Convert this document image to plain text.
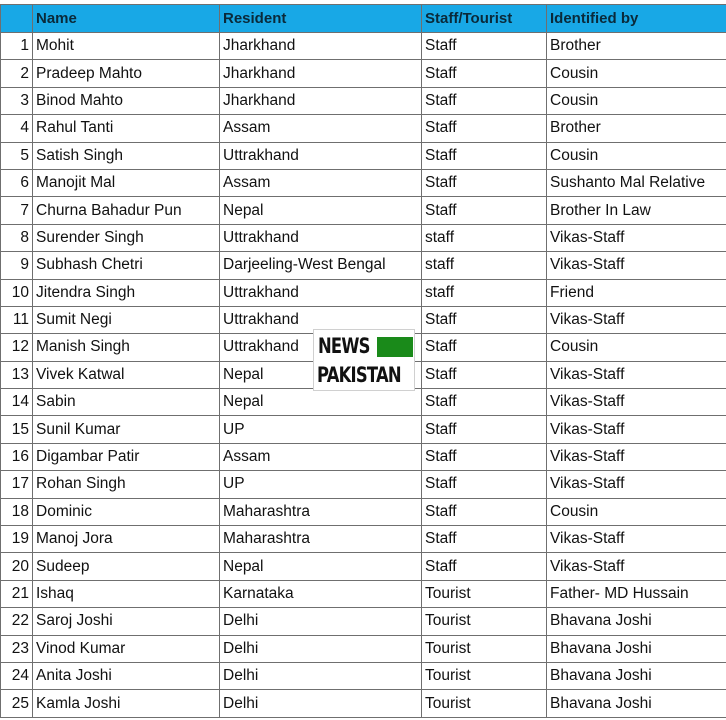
	Name	Resident	Staff/Tourist	Identified by
1	Mohit	Jharkhand	Staff	Brother
2	Pradeep Mahto	Jharkhand	Staff	Cousin
3	Binod Mahto	Jharkhand	Staff	Cousin
4	Rahul Tanti	Assam	Staff	Brother
5	Satish Singh	Uttrakhand	Staff	Cousin
6	Manojit Mal	Assam	Staff	Sushanto Mal Relative
7	Churna Bahadur Pun	Nepal	Staff	Brother In Law
8	Surender Singh	Uttrakhand	staff	Vikas-Staff
9	Subhash Chetri	Darjeeling-West Bengal	staff	Vikas-Staff
10	Jitendra Singh	Uttrakhand	staff	Friend
11	Sumit Negi	Uttrakhand	Staff	Vikas-Staff
12	Manish Singh	Uttrakhand	Staff	Cousin
13	Vivek Katwal	Nepal	Staff	Vikas-Staff
14	Sabin	Nepal	Staff	Vikas-Staff
15	Sunil Kumar	UP	Staff	Vikas-Staff
16	Digambar Patir	Assam	Staff	Vikas-Staff
17	Rohan Singh	UP	Staff	Vikas-Staff
18	Dominic	Maharashtra	Staff	Cousin
19	Manoj Jora	Maharashtra	Staff	Vikas-Staff
20	Sudeep	Nepal	Staff	Vikas-Staff
21	Ishaq	Karnataka	Tourist	Father- MD Hussain
22	Saroj Joshi	Delhi	Tourist	Bhavana Joshi
23	Vinod Kumar	Delhi	Tourist	Bhavana Joshi
24	Anita Joshi	Delhi	Tourist	Bhavana Joshi
25	Kamla Joshi	Delhi	Tourist	Bhavana Joshi
NEWS
PAKISTAN
